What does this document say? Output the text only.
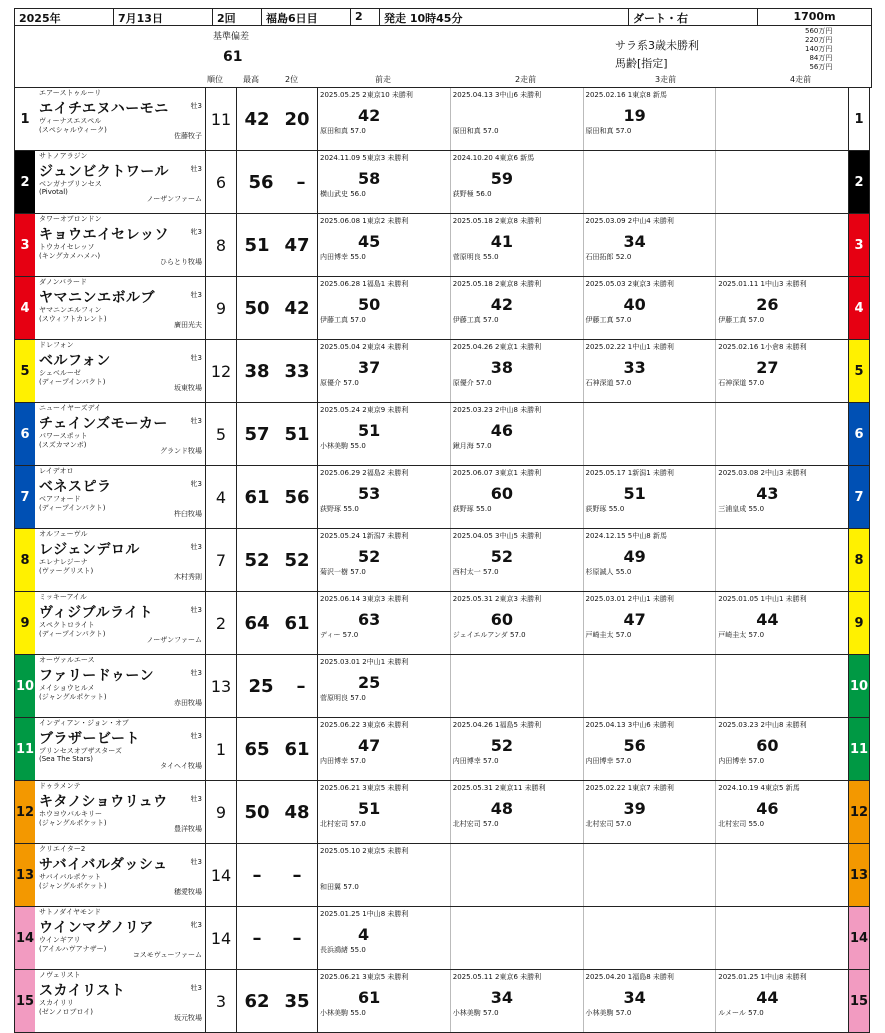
2025年	7月13日	2回	福島6日目	2	発走 10時45分	ダート・右	1700m
基準偏差
61
サラ系3歳未勝利
馬齢[指定]
560万円
220万円
140万円
84万円
56万円
順位	最高	2位	前走	2走前	3走前	4走前
1
エアーストゥルーリ
エイチエヌハーモニ	牡3
ヴィーナスエスペル
(スペシャルウィーク)
佐藤牧子
11 42 20
2025.05.25 2東京10 未勝利
42
原田和真 57.0
2025.04.13 3中山6 未勝利
原田和真 57.0
2025.02.16 1東京8 新馬
19
原田和真 57.0
1
2
サトノアラジン
ジュンビクトワール	牡3
ベンガナプリンセス
(Pivotal)
ノーザンファーム
6	56 –
2024.11.09 5東京3 未勝利
58
横山武史 56.0
2024.10.20 4東京6 新馬
59
荻野極 56.0
2
3
タワーオブロンドン
キョウエイセレッソ	牝3
トウカイセレッソ
(キングカメハメハ)
ひらとり牧場
8	51 47
2025.06.08 1東京2 未勝利
45
内田博幸 55.0
2025.05.18 2東京8 未勝利
41
菅原明良 55.0
2025.03.09 2中山4 未勝利
34
石田拓郎 52.0
3
4
ダノンバラード
ヤマニンエボルブ	牡3
ヤマニンエルフィン
(スウィフトカレント)
廣田光夫
9	50 42
2025.06.28 1福島1 未勝利
50
伊藤工真 57.0
2025.05.18 2東京8 未勝利
42
伊藤工真 57.0
2025.05.03 2東京3 未勝利
40
伊藤工真 57.0
2025.01.11 1中山3 未勝利
26
伊藤工真 57.0
4
5
ドレフォン
ベルフォン	牡3
シェベルーゼ
(ディープインパクト)
坂東牧場
12 38 33
2025.05.04 2東京4 未勝利
37
原優介 57.0
2025.04.26 2東京1 未勝利
38
原優介 57.0
2025.02.22 1中山1 未勝利
33
石神深道 57.0
2025.02.16 1小倉8 未勝利
27
石神深道 57.0
5
6
ニューイヤーズデイ
チェインズモーカー	牡3
パワースポット
(スズカマンボ)
グランド牧場
5	57 51
2025.05.24 2東京9 未勝利
51
小林美駒 55.0
2025.03.23 2中山8 未勝利
46
鍬月海 57.0
6
7
レイデオロ
ベネスピラ	牝3
ベアフォード
(ディープインパクト)
杵臼牧場
4	61 56
2025.06.29 2福島2 未勝利
53
荻野琢 55.0
2025.06.07 3東京1 未勝利
60
荻野琢 55.0
2025.05.17 1新潟1 未勝利
51
荻野琢 55.0
2025.03.08 2中山3 未勝利
43
三浦皇成 55.0
7
8
オルフェーヴル
レジェンデロル	牡3
エレナレジーナ
(ヴァーグリスト)
木村秀則
7	52 52
2025.05.24 1新潟7 未勝利
52
菊沢一樹 57.0
2025.04.05 3中山5 未勝利
52
西村太一 57.0
2024.12.15 5中山8 新馬
49
杉原誠人 55.0
8
9
ミッキーアイル
ヴィジブルライト	牡3
スペクトロライト
(ディープインパクト)
ノーザンファーム
2	64 61
2025.06.14 3東京3 未勝利
63
ディー 57.0
2025.05.31 2東京3 未勝利
60
ジェイエルアンダ 57.0
2025.03.01 2中山1 未勝利
47
戸崎圭太 57.0
2025.01.05 1中山1 未勝利
44
戸崎圭太 57.0
9
10
オーヴァルエース
ファリードゥーン	牡3
メイショウヒルメ
(ジャングルポケット)
赤田牧場
13 25 –
2025.03.01 2中山1 未勝利
25
菅原明良 57.0
10
11
インディアン・ジョン・オブ
ブラザービート	牡3
プリンセスオブザスターズ
(Sea The Stars)
タイヘイ牧場
1	65 61
2025.06.22 3東京6 未勝利
47
内田博幸 57.0
2025.04.26 1福島5 未勝利
52
内田博幸 57.0
2025.04.13 3中山6 未勝利
56
内田博幸 57.0
2025.03.23 2中山8 未勝利
60
内田博幸 57.0
11
12
ドゥラメンテ
キタノショウリュウ	牡3
ホウヨウバルキリー
(ジャングルポケット)
豊洋牧場
9	50 48
2025.06.21 3東京5 未勝利
51
北村宏司 57.0
2025.05.31 2東京11 未勝利
48
北村宏司 57.0
2025.02.22 1東京7 未勝利
39
北村宏司 57.0
2024.10.19 4東京5 新馬
46
北村宏司 55.0
12
13
クリエイター2
サバイバルダッシュ	牡3
サバイバルポケット
(ジャングルポケット)
穂愛牧場
14	– –
2025.05.10 2東京5 未勝利
和田翼 57.0
13
14
サトノダイヤモンド
ウインマグノリア	牝3
ウインギアリ
(アイルハヴアナザー)
コスモヴューファーム
14	– –
2025.01.25 1中山8 未勝利
4
長浜鴻緒 55.0
14
15
ノヴェリスト
スカイリスト	牡3
スカイリリ
(ゼンノロブロイ)
坂元牧場
3	62 35
2025.06.21 3東京5 未勝利
61
小林美駒 55.0
2025.05.11 2東京6 未勝利
34
小林美駒 57.0
2025.04.20 1福島8 未勝利
34
小林美駒 57.0
2025.01.25 1中山8 未勝利
44
ルメール 57.0
15
